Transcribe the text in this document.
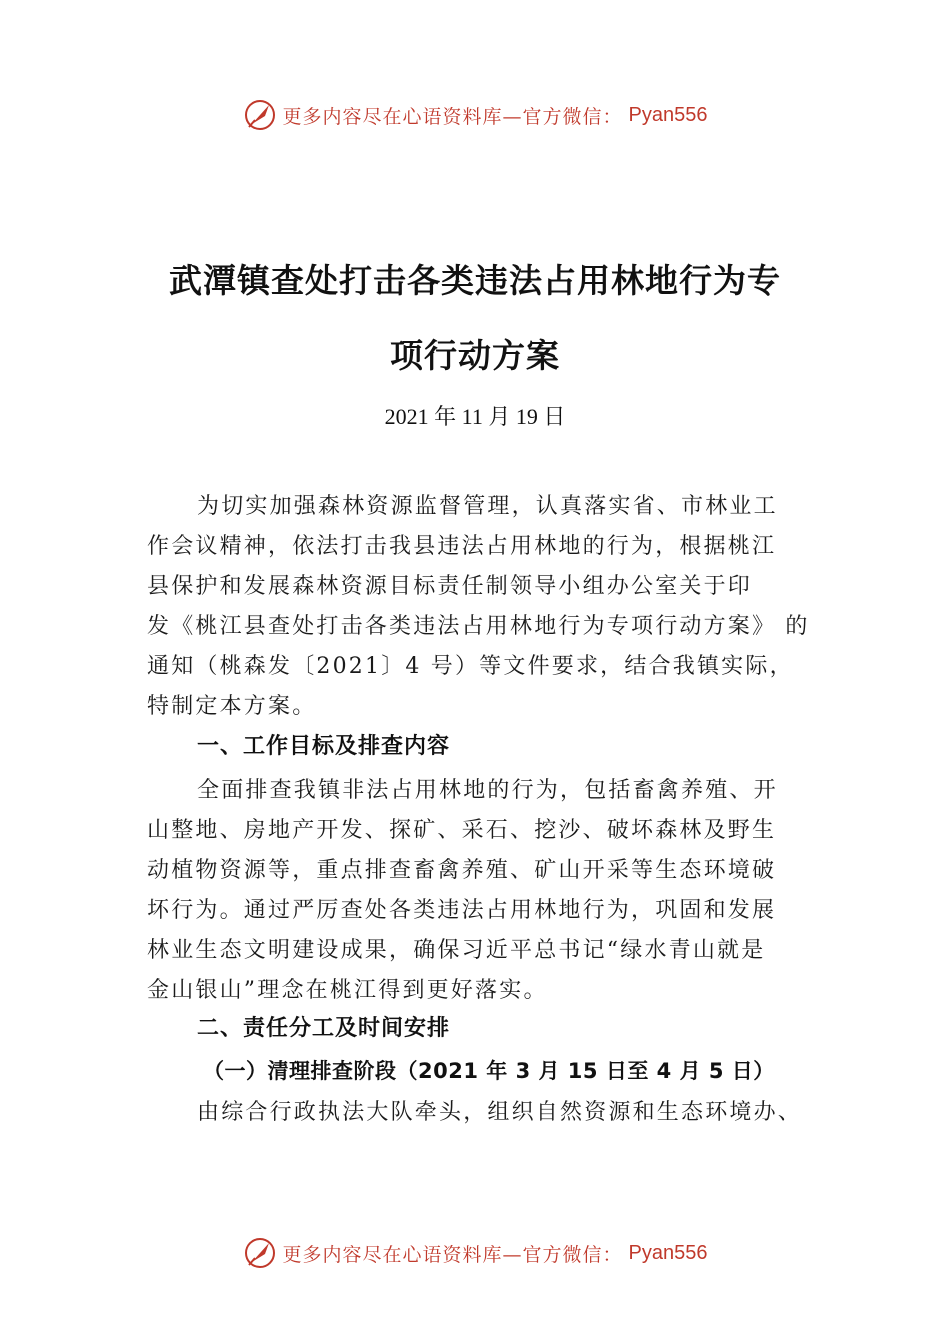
更多内容尽在心语资料库—官方微信： Pyan556
武潭镇查处打击各类违法占用林地行为专
项行动方案
2021 年 11 月 19 日
为切实加强森林资源监督管理，认真落实省、市林业工
作会议精神，依法打击我县违法占用林地的行为，根据桃江
县保护和发展森林资源目标责任制领导小组办公室关于印
发《桃江县查处打击各类违法占用林地行为专项行动方案》 的
通知（桃森发〔2021〕4 号）等文件要求，结合我镇实际，
特制定本方案。
一、工作目标及排查内容
全面排查我镇非法占用林地的行为，包括畜禽养殖、开
山整地、房地产开发、探矿、采石、挖沙、破坏森林及野生
动植物资源等，重点排查畜禽养殖、矿山开采等生态环境破
坏行为。通过严厉查处各类违法占用林地行为，巩固和发展
林业生态文明建设成果，确保习近平总书记“绿水青山就是
金山银山”理念在桃江得到更好落实。
二、责任分工及时间安排
（一）清理排查阶段（2021 年 3 月 15 日至 4 月 5 日）
由综合行政执法大队牵头，组织自然资源和生态环境办、
更多内容尽在心语资料库—官方微信： Pyan556
